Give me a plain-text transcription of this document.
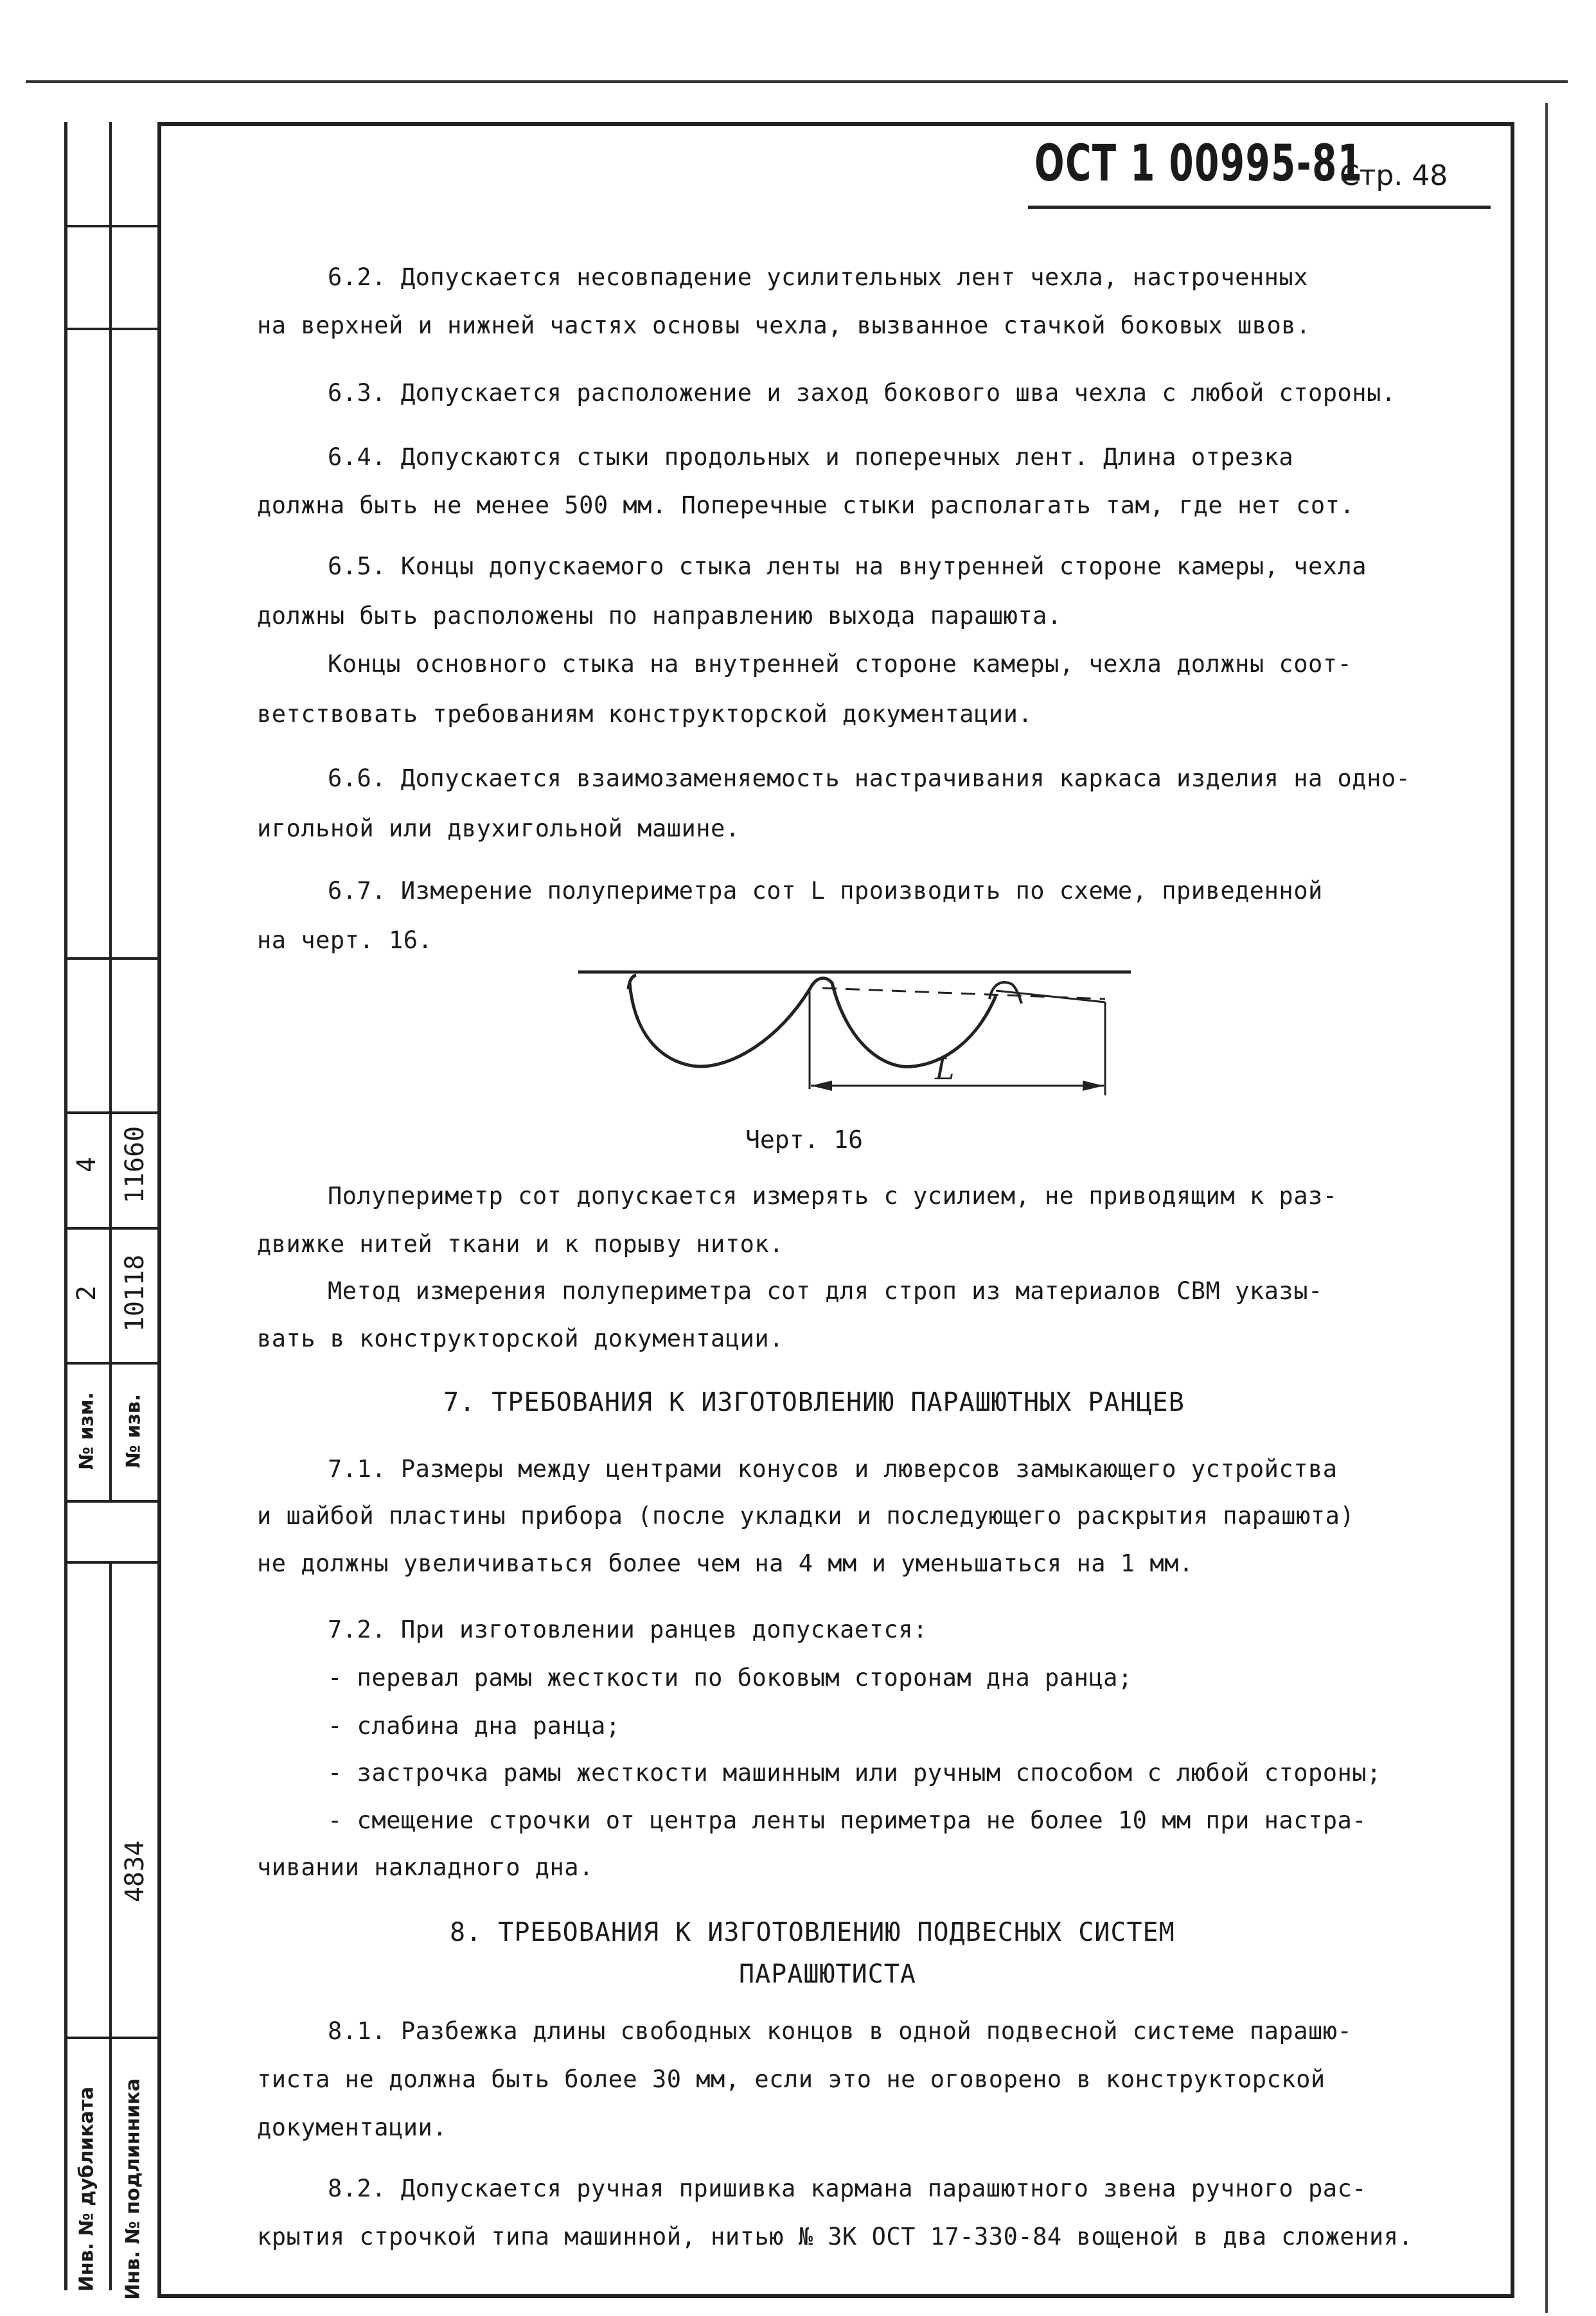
4 11660
2 10118
№ изм. № изв.
4834
Инв. № дубликата Инв. № подлинника
ОСТ 1 00995-81
Стр. 48
6.2. Допускается несовпадение усилительных лент чехла, настроченных
на верхней и нижней частях основы чехла, вызванное стачкой боковых швов.
6.3. Допускается расположение и заход бокового шва чехла с любой стороны.
6.4. Допускаются стыки продольных и поперечных лент. Длина отрезка
должна быть не менее 500 мм. Поперечные стыки располагать там, где нет сот.
6.5. Концы допускаемого стыка ленты на внутренней стороне камеры, чехла
должны быть расположены по направлению выхода парашюта.
Концы основного стыка на внутренней стороне камеры, чехла должны соот-
ветствовать требованиям конструкторской документации.
6.6. Допускается взаимозаменяемость настрачивания каркаса изделия на одно-
игольной или двухигольной машине.
6.7. Измерение полупериметра сот L производить по схеме, приведенной
на черт. 16.
L
Черт. 16
Полупериметр сот допускается измерять с усилием, не приводящим к раз-
движке нитей ткани и к порыву ниток.
Метод измерения полупериметра сот для строп из материалов СВМ указы-
вать в конструкторской документации.
7. ТРЕБОВАНИЯ К ИЗГОТОВЛЕНИЮ ПАРАШЮТНЫХ РАНЦЕВ
7.1. Размеры между центрами конусов и люверсов замыкающего устройства
и шайбой пластины прибора (после укладки и последующего раскрытия парашюта)
не должны увеличиваться более чем на 4 мм и уменьшаться на 1 мм.
7.2. При изготовлении ранцев допускается:
- перевал рамы жесткости по боковым сторонам дна ранца;
- слабина дна ранца;
- застрочка рамы жесткости машинным или ручным способом с любой стороны;
- смещение строчки от центра ленты периметра не более 10 мм при настра-
чивании накладного дна.
8. ТРЕБОВАНИЯ К ИЗГОТОВЛЕНИЮ ПОДВЕСНЫХ СИСТЕМ
ПАРАШЮТИСТА
8.1. Разбежка длины свободных концов в одной подвесной системе парашю-
тиста не должна быть более 30 мм, если это не оговорено в конструкторской
документации.
8.2. Допускается ручная пришивка кармана парашютного звена ручного рас-
крытия строчкой типа машинной, нитью № 3К ОСТ 17-330-84 вощеной в два сложения.
